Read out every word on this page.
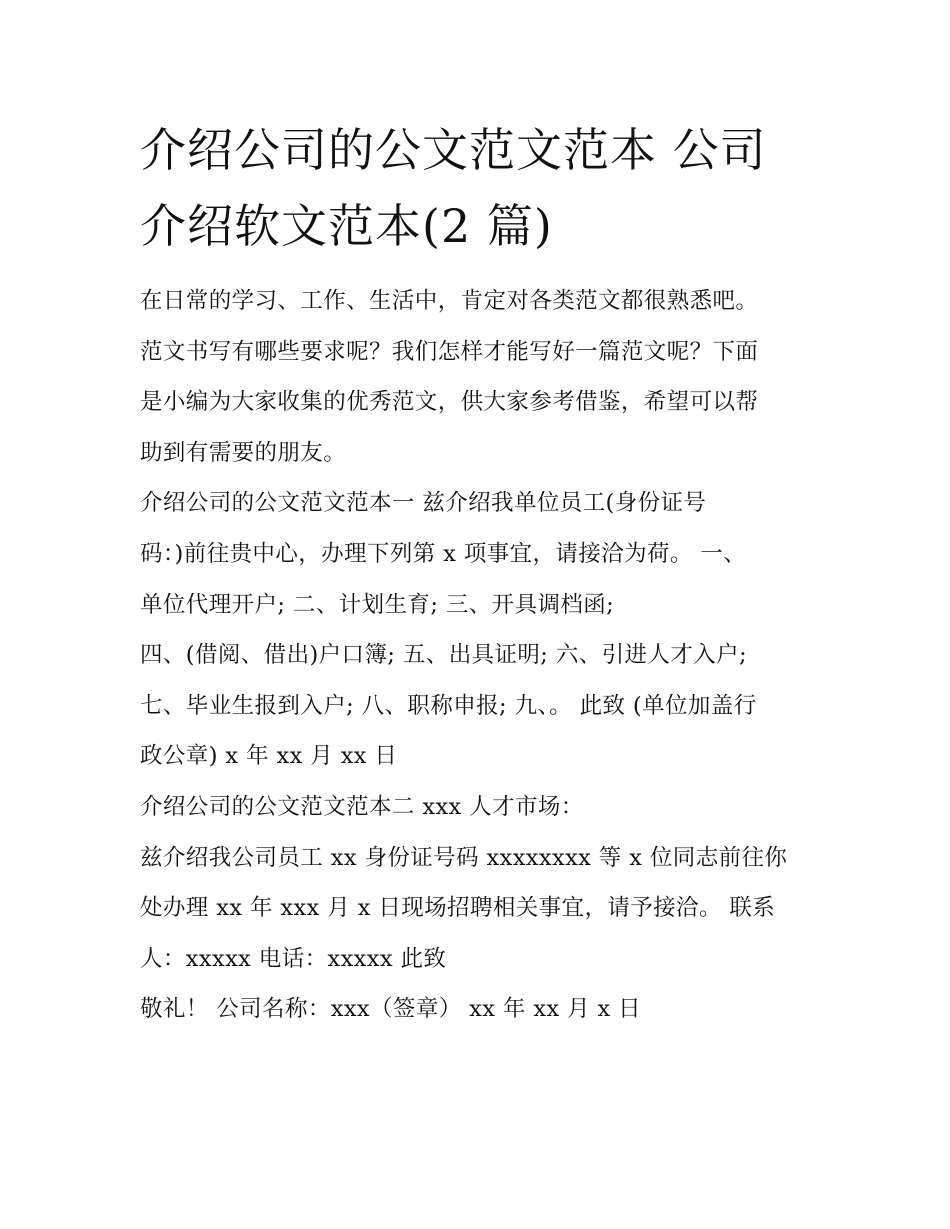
介绍公司的公文范文范本 公司
介绍软文范本(2 篇)
在日常的学习、工作、生活中，肯定对各类范文都很熟悉吧。
范文书写有哪些要求呢？我们怎样才能写好一篇范文呢？下面
是小编为大家收集的优秀范文，供大家参考借鉴，希望可以帮
助到有需要的朋友。
介绍公司的公文范文范本一 兹介绍我单位员工(身份证号
码：)前往贵中心，办理下列第 x 项事宜，请接洽为荷。 一、
单位代理开户; 二、计划生育; 三、开具调档函;
四、(借阅、借出)户口簿; 五、出具证明; 六、引进人才入户;
七、毕业生报到入户; 八、职称申报; 九、。 此致 (单位加盖行
政公章) x 年 xx 月 xx 日
介绍公司的公文范文范本二 xxx 人才市场：
兹介绍我公司员工 xx 身份证号码 xxxxxxxx 等 x 位同志前往你
处办理 xx 年 xxx 月 x 日现场招聘相关事宜，请予接洽。 联系
人：xxxxx 电话：xxxxx 此致
敬礼！ 公司名称：xxx（签章） xx 年 xx 月 x 日
